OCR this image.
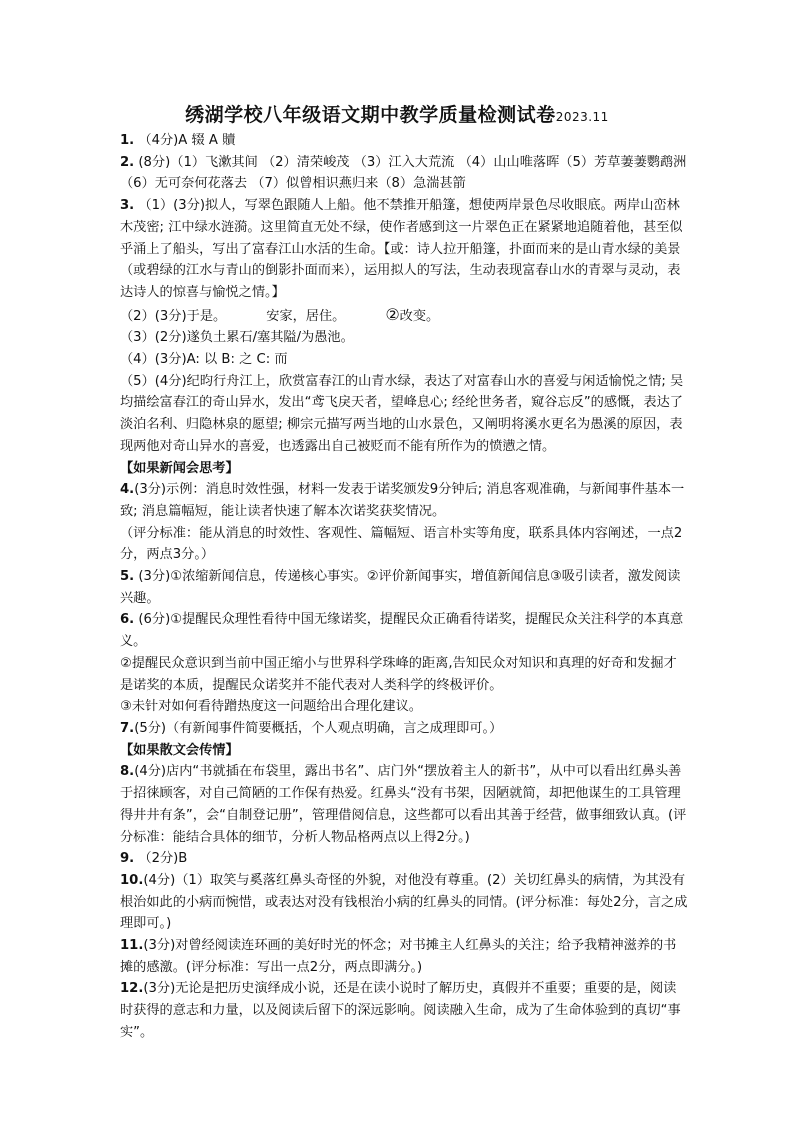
绣湖学校八年级语文期中教学质量检测试卷2023.11

1. （4分)A 辍 A 贖

2. (8分)（1）飞漱其间 （2）清荣峻茂 （3）江入大荒流 （4）山山唯落晖（5）芳草萋萋鹦鹉洲 （6）无可奈何花落去 （7）似曾相识燕归来（8）急湍甚箭

3. （1）(3分)拟人，写翠色跟随人上船。他不禁推开船篷，想使两岸景色尽收眼底。两岸山峦林木茂密; 江中绿水涟漪。这里简直无处不绿，使作者感到这一片翠色正在紧紧地追随着他，甚至似乎涌上了船头，写出了富春江山水活的生命。【或：诗人拉开船篷，扑面而来的是山青水绿的美景（或碧绿的江水与青山的倒影扑面而来），运用拟人的写法，生动表现富春山水的青翠与灵动，表达诗人的惊喜与愉悦之情。】

（2）(3分)于是。	安家，居住。	②改变。

（3）(2分)遂负土累石/塞其隘/为愚池。

（4）(3分)A: 以 B: 之 C: 而

（5）(4分)纪昀行舟江上，欣赏富春江的山青水绿，表达了对富春山水的喜爱与闲适愉悦之情; 吴均描绘富春江的奇山异水，发出“鸢飞戾天者，望峰息心; 经纶世务者，窥谷忘反”的感慨，表达了淡泊名利、归隐林泉的愿望; 柳宗元描写两当地的山水景色，又阐明将溪水更名为愚溪的原因，表现两他对奇山异水的喜爱，也透露出自己被贬而不能有所作为的愤懑之情。

【如果新闻会思考】

4.(3分)示例：消息时效性强，材料一发表于诺奖颁发9分钟后; 消息客观准确，与新闻事件基本一致; 消息篇幅短，能让读者快速了解本次诺奖获奖情况。

（评分标准：能从消息的时效性、客观性、篇幅短、语言朴实等角度，联系具体内容阐述，一点2分，两点3分。）

5. (3分)①浓缩新闻信息，传递核心事实。②评价新闻事实，增值新闻信息③吸引读者，激发阅读兴趣。

6. (6分)①提醒民众理性看待中国无缘诺奖，提醒民众正确看待诺奖，提醒民众关注科学的本真意义。

②提醒民众意识到当前中国正缩小与世界科学珠峰的距离,告知民众对知识和真理的好奇和发掘才是诺奖的本质，提醒民众诺奖并不能代表对人类科学的终极评价。

③未针对如何看待蹭热度这一问题给出合理化建议。

7.(5分)（有新闻事件简要概括，个人观点明确，言之成理即可。）

【如果散文会传情】

8.(4分)店内“书就插在布袋里，露出书名”、店门外“摆放着主人的新书”，从中可以看出红鼻头善于招徕顾客，对自己简陋的工作保有热爱。红鼻头“没有书架，因陋就简，却把他谋生的工具管理得井井有条”，会“自制登记册”，管理借阅信息，这些都可以看出其善于经营，做事细致认真。(评分标准：能结合具体的细节，分析人物品格两点以上得2分。)

9. （2分)B

10.(4分)（1）取笑与奚落红鼻头奇怪的外貌，对他没有尊重。(2）关切红鼻头的病情，为其没有根治如此的小病而惋惜，或表达对没有钱根治小病的红鼻头的同情。(评分标准：每处2分，言之成理即可。)

11.(3分)对曾经阅读连环画的美好时光的怀念；对书摊主人红鼻头的关注；给予我精神滋养的书摊的感激。(评分标准：写出一点2分，两点即满分。)

12.(3分)无论是把历史演绎成小说，还是在读小说时了解历史，真假并不重要；重要的是，阅读时获得的意志和力量，以及阅读后留下的深远影响。阅读融入生命，成为了生命体验到的真切“事实”。
